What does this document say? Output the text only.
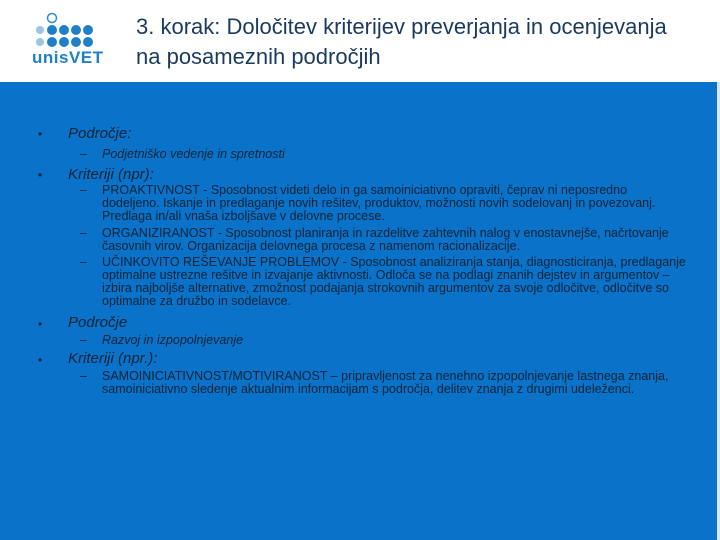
unisVET
3. korak: Določitev kriterijev preverjanja in ocenjevanja na posameznih področjih
• Področje:
– Podjetniško vedenje in spretnosti
• Kriteriji (npr):
– PROAKTIVNOST - Sposobnost videti delo in ga samoiniciativno opraviti, čeprav ni neposredno dodeljeno. Iskanje in predlaganje novih rešitev, produktov, možnosti novih sodelovanj in povezovanj. Predlaga in/ali vnaša izboljšave v delovne procese.
– ORGANIZIRANOST - Sposobnost planiranja in razdelitve zahtevnih nalog v enostavnejše, načrtovanje časovnih virov. Organizacija delovnega procesa z namenom racionalizacije.
– UČINKOVITO REŠEVANJE PROBLEMOV - Sposobnost analiziranja stanja, diagnosticiranja, predlaganje optimalne ustrezne rešitve in izvajanje aktivnosti. Odloča se na podlagi znanih dejstev in argumentov –izbira najboljše alternative, zmožnost podajanja strokovnih argumentov za svoje odločitve, odločitve so optimalne za družbo in sodelavce.
• Področje
– Razvoj in izpopolnjevanje
• Kriteriji (npr.):
– SAMOINICIATIVNOST/MOTIVIRANOST – pripravljenost za nenehno izpopolnjevanje lastnega znanja, samoiniciativno sledenje aktualnim informacijam s področja, delitev znanja z drugimi udeleženci.
